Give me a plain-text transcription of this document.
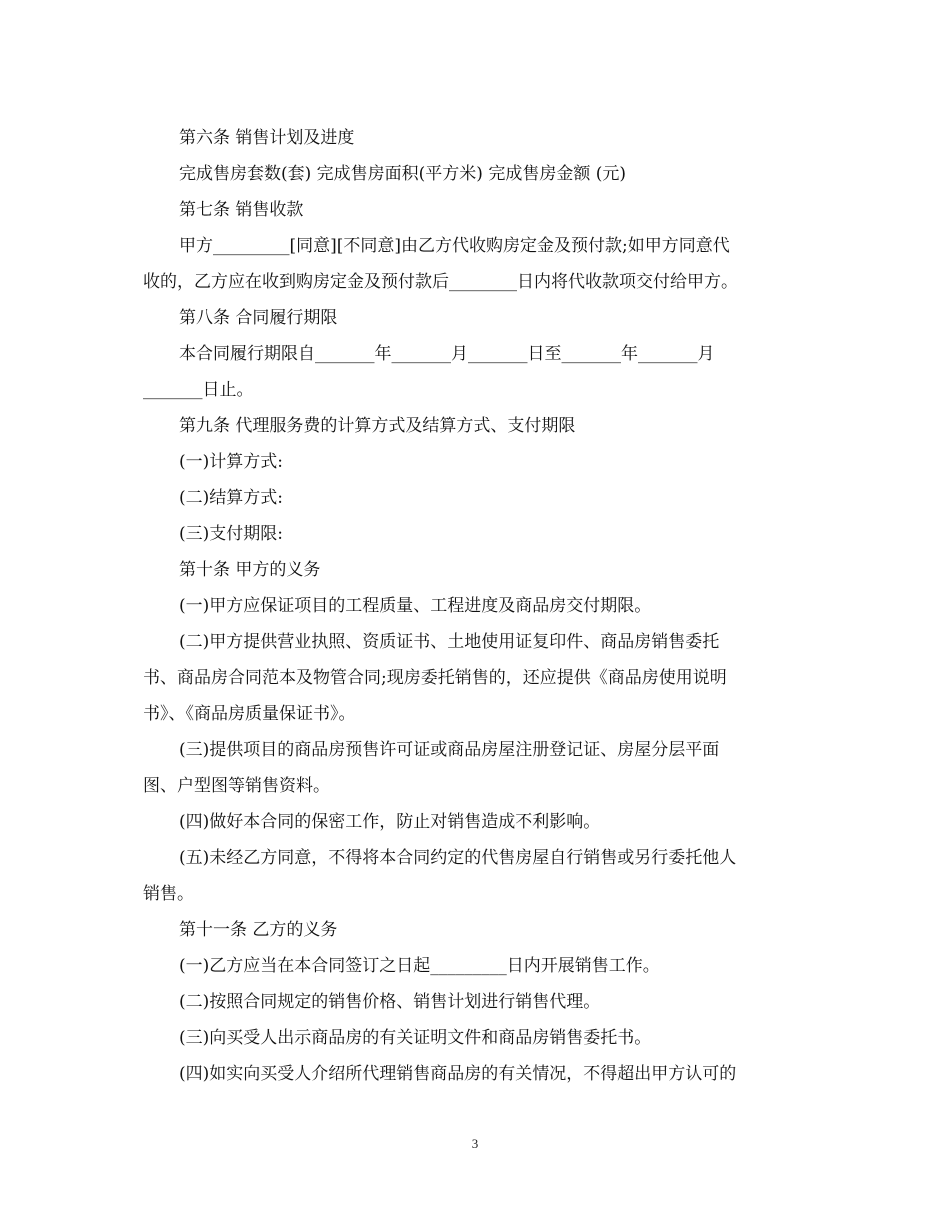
第六条 销售计划及进度
完成售房套数(套) 完成售房面积(平方米) 完成售房金额 (元)
第七条 销售收款
甲方_________[同意][不同意]由乙方代收购房定金及预付款;如甲方同意代
收的，乙方应在收到购房定金及预付款后________日内将代收款项交付给甲方。
第八条 合同履行期限
本合同履行期限自_______年_______月_______日至_______年_______月
_______日止。
第九条 代理服务费的计算方式及结算方式、支付期限
(一)计算方式:
(二)结算方式:
(三)支付期限:
第十条 甲方的义务
(一)甲方应保证项目的工程质量、工程进度及商品房交付期限。
(二)甲方提供营业执照、资质证书、土地使用证复印件、商品房销售委托
书、商品房合同范本及物管合同;现房委托销售的，还应提供《商品房使用说明
书》、《商品房质量保证书》。
(三)提供项目的商品房预售许可证或商品房屋注册登记证、房屋分层平面
图、户型图等销售资料。
(四)做好本合同的保密工作，防止对销售造成不利影响。
(五)未经乙方同意，不得将本合同约定的代售房屋自行销售或另行委托他人
销售。
第十一条 乙方的义务
(一)乙方应当在本合同签订之日起_________日内开展销售工作。
(二)按照合同规定的销售价格、销售计划进行销售代理。
(三)向买受人出示商品房的有关证明文件和商品房销售委托书。
(四)如实向买受人介绍所代理销售商品房的有关情况，不得超出甲方认可的
3
